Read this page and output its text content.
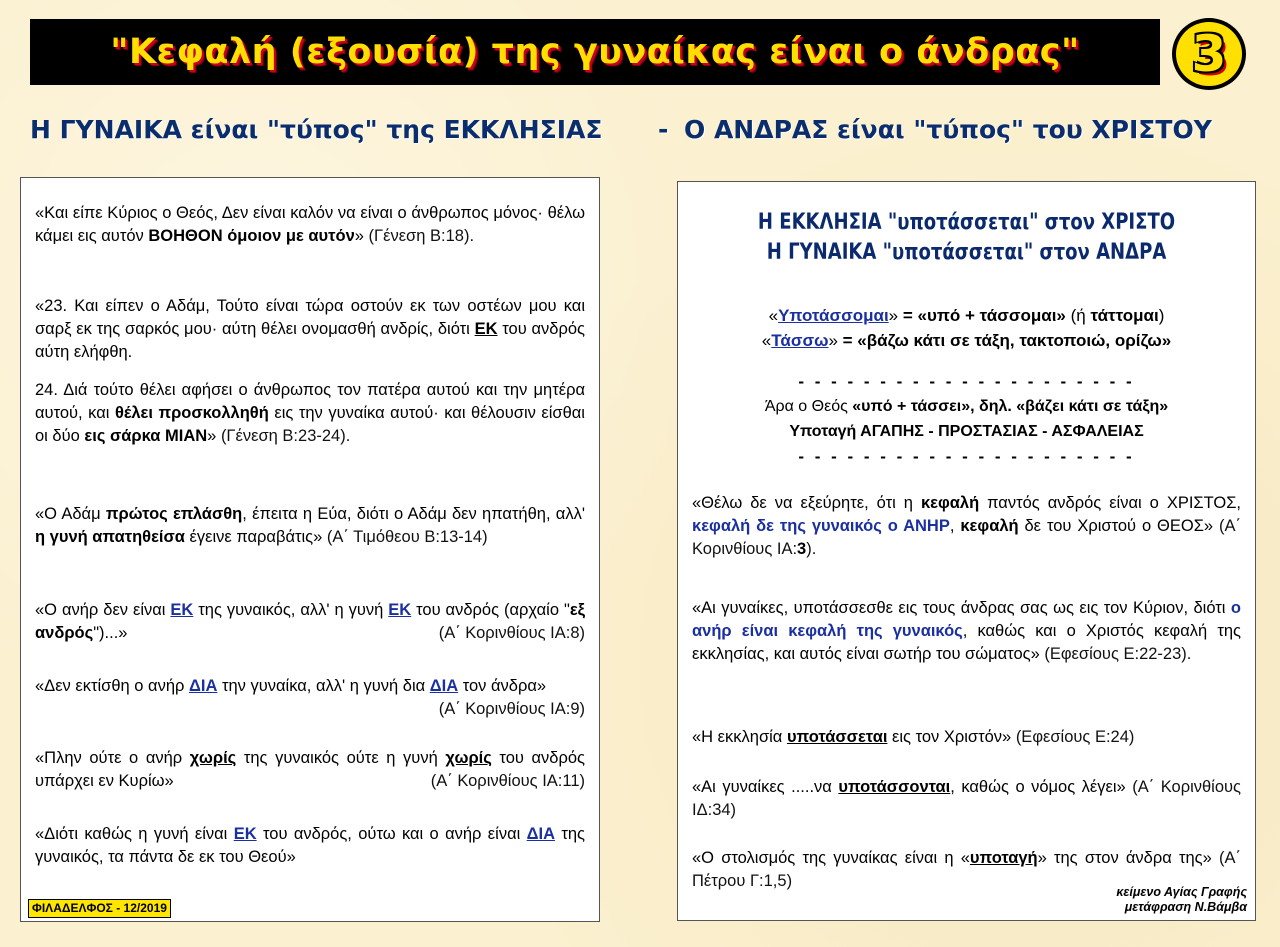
"Κεφαλή (εξουσία) της γυναίκας είναι ο άνδρας" 3
Η ΓΥΝΑΙΚΑ είναι "τύπος" της ΕΚΚΛΗΣΙΑΣ - Ο ΑΝΔΡΑΣ είναι "τύπος" του ΧΡΙΣΤΟΥ

«Και είπε Κύριος ο Θεός, Δεν είναι καλόν να είναι ο άνθρωπος μόνος· θέλω κάμει εις αυτόν ΒΟΗΘΟΝ όμοιον με αυτόν» (Γένεση Β:18).

«23. Και είπεν ο Αδάμ, Τούτο είναι τώρα οστούν εκ των οστέων μου και σαρξ εκ της σαρκός μου· αύτη θέλει ονομασθή ανδρίς, διότι ΕΚ του ανδρός αύτη ελήφθη.

24. Διά τούτο θέλει αφήσει ο άνθρωπος τον πατέρα αυτού και την μητέρα αυτού, και θέλει προσκολληθή εις την γυναίκα αυτού· και θέλουσιν είσθαι οι δύο εις σάρκα ΜΙΑΝ» (Γένεση Β:23-24).

«Ο Αδάμ πρώτος επλάσθη, έπειτα η Εύα, διότι ο Αδάμ δεν ηπατήθη, αλλ' η γυνή απατηθείσα έγεινε παραβάτις» (Α΄ Τιμόθεου Β:13-14)

«Ο ανήρ δεν είναι ΕΚ της γυναικός, αλλ' η γυνή ΕΚ του ανδρός (αρχαίο "εξ ανδρός")...»	(Α΄ Κορινθίους ΙΑ:8)

«Δεν εκτίσθη ο ανήρ ΔΙΑ την γυναίκα, αλλ' η γυνή δια ΔΙΑ τον άνδρα»
(Α΄ Κορινθίους ΙΑ:9)

«Πλην ούτε ο ανήρ χωρίς της γυναικός ούτε η γυνή χωρίς του ανδρός υπάρχει εν Κυρίω»	(Α΄ Κορινθίους ΙΑ:11)

«Διότι καθώς η γυνή είναι ΕΚ του ανδρός, ούτω και ο ανήρ είναι ΔΙΑ της γυναικός, τα πάντα δε εκ του Θεού»

ΦΙΛΑΔΕΛΦΟΣ - 12/2019
Η ΕΚΚΛΗΣΙΑ "υποτάσσεται" στον ΧΡΙΣΤΟ
Η ΓΥΝΑΙΚΑ "υποτάσσεται" στον ΑΝΔΡΑ
«Υποτάσσομαι» = «υπό + τάσσομαι» (ή τάττομαι)
«Τάσσω» = «βάζω κάτι σε τάξη, τακτοποιώ, ορίζω»
- - - - - - - - - - - - - - - - - - - - -
Άρα ο Θεός «υπό + τάσσει», δηλ. «βάζει κάτι σε τάξη»
Υποταγή ΑΓΑΠΗΣ - ΠΡΟΣΤΑΣΙΑΣ - ΑΣΦΑΛΕΙΑΣ
- - - - - - - - - - - - - - - - - - - - -

«Θέλω δε να εξεύρητε, ότι η κεφαλή παντός ανδρός είναι ο ΧΡΙΣΤΟΣ, κεφαλή δε της γυναικός ο ΑΝΗΡ, κεφαλή δε του Χριστού ο ΘΕΟΣ» (Α΄ Κορινθίους ΙΑ:3).

«Αι γυναίκες, υποτάσσεσθε εις τους άνδρας σας ως εις τον Κύριον, διότι ο ανήρ είναι κεφαλή της γυναικός, καθώς και ο Χριστός κεφαλή της εκκλησίας, και αυτός είναι σωτήρ του σώματος» (Εφεσίους Ε:22-23).

«Η εκκλησία υποτάσσεται εις τον Χριστόν» (Εφεσίους Ε:24)

«Αι γυναίκες .....να υποτάσσονται, καθώς ο νόμος λέγει» (Α΄ Κορινθίους ΙΔ:34)

«Ο στολισμός της γυναίκας είναι η «υποταγή» της στον άνδρα της» (Α΄ Πέτρου Γ:1,5)

κείμενο Αγίας Γραφής
μετάφραση Ν.Βάμβα
